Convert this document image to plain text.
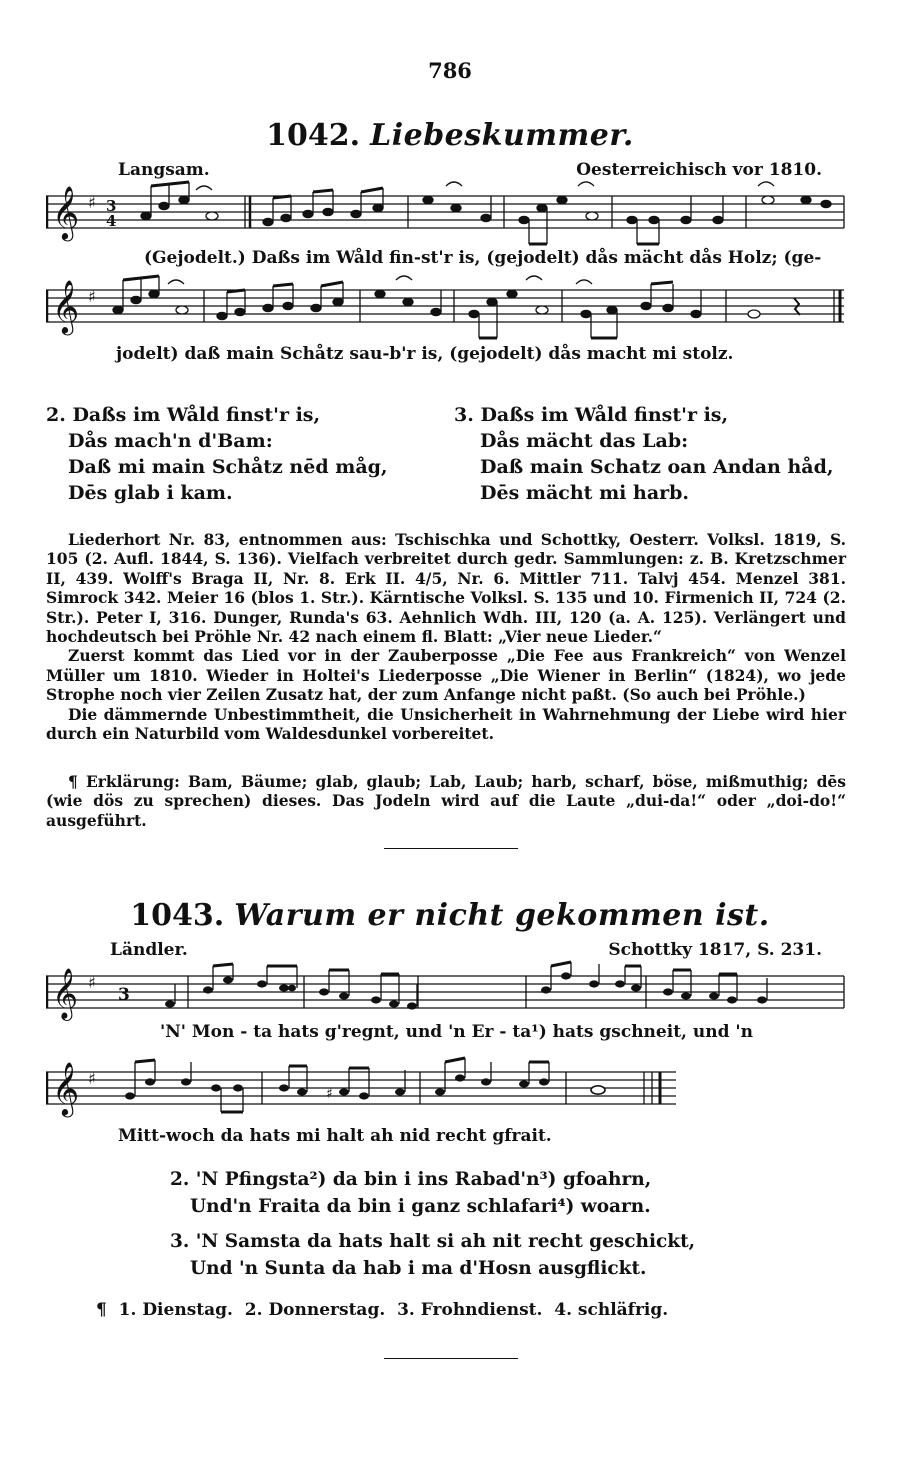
786
1042. Liebeskummer.
Langsam.	Oesterreichisch vor 1810.
𝄞 ♯ 3
4
(Gejodelt.) Daßs im Wåld fin-st'r is, (gejodelt) dås mächt dås Holz; (ge-
𝄞 ♯
jodelt) daß main Schåtz sau-b'r is, (gejodelt) dås macht mi stolz.

2. Daßs im Wåld finst'r is,

Dås mach'n d'Bam:

Daß mi main Schåtz nēd måg,

Dēs glab i kam.

3. Daßs im Wåld finst'r is,

Dås mächt das Lab:

Daß main Schatz oan Andan håd,

Dēs mächt mi harb.

Liederhort Nr. 83, entnommen aus: Tschischka und Schottky, Oesterr. Volksl. 1819, S. 105 (2. Aufl. 1844, S. 136). Vielfach verbreitet durch gedr. Sammlungen: z. B. Kretzschmer II, 439. Wolff's Braga II, Nr. 8. Erk II. 4/5, Nr. 6. Mittler 711. Talvj 454. Menzel 381. Simrock 342. Meier 16 (blos 1. Str.). Kärntische Volksl. S. 135 und 10. Firmenich II, 724 (2. Str.). Peter I, 316. Dunger, Runda's 63. Aehnlich Wdh. III, 120 (a. A. 125). Verlängert und hochdeutsch bei Pröhle Nr. 42 nach einem fl. Blatt: „Vier neue Lieder.“

Zuerst kommt das Lied vor in der Zauberposse „Die Fee aus Frankreich“ von Wenzel Müller um 1810. Wieder in Holtei's Liederposse „Die Wiener in Berlin“ (1824), wo jede Strophe noch vier Zeilen Zusatz hat, der zum Anfange nicht paßt. (So auch bei Pröhle.)

Die dämmernde Unbestimmtheit, die Unsicherheit in Wahrnehmung der Liebe wird hier durch ein Naturbild vom Waldesdunkel vorbereitet.

¶ Erklärung: Bam, Bäume; glab, glaub; Lab, Laub; harb, scharf, böse, mißmuthig; dēs (wie dös zu sprechen) dieses. Das Jodeln wird auf die Laute „dui-da!“ oder „doi-do!“ ausgeführt.

1043. Warum er nicht gekommen ist.
Ländler.	Schottky 1817, S. 231.
𝄞 ♯
3
'N' Mon - ta hats g'regnt, und 'n Er - ta¹) hats gschneit, und 'n
𝄞 ♯
♯
Mitt-woch da hats mi halt ah nid recht gfrait.

2. 'N Pfingsta²) da bin i ins Rabad'n³) gfoahrn,

Und'n Fraita da bin i ganz schlafari⁴) woarn.

3. 'N Samsta da hats halt si ah nit recht geschickt,

Und 'n Sunta da hab i ma d'Hosn ausgflickt.

¶  1. Dienstag.  2. Donnerstag.  3. Frohndienst.  4. schläfrig.
